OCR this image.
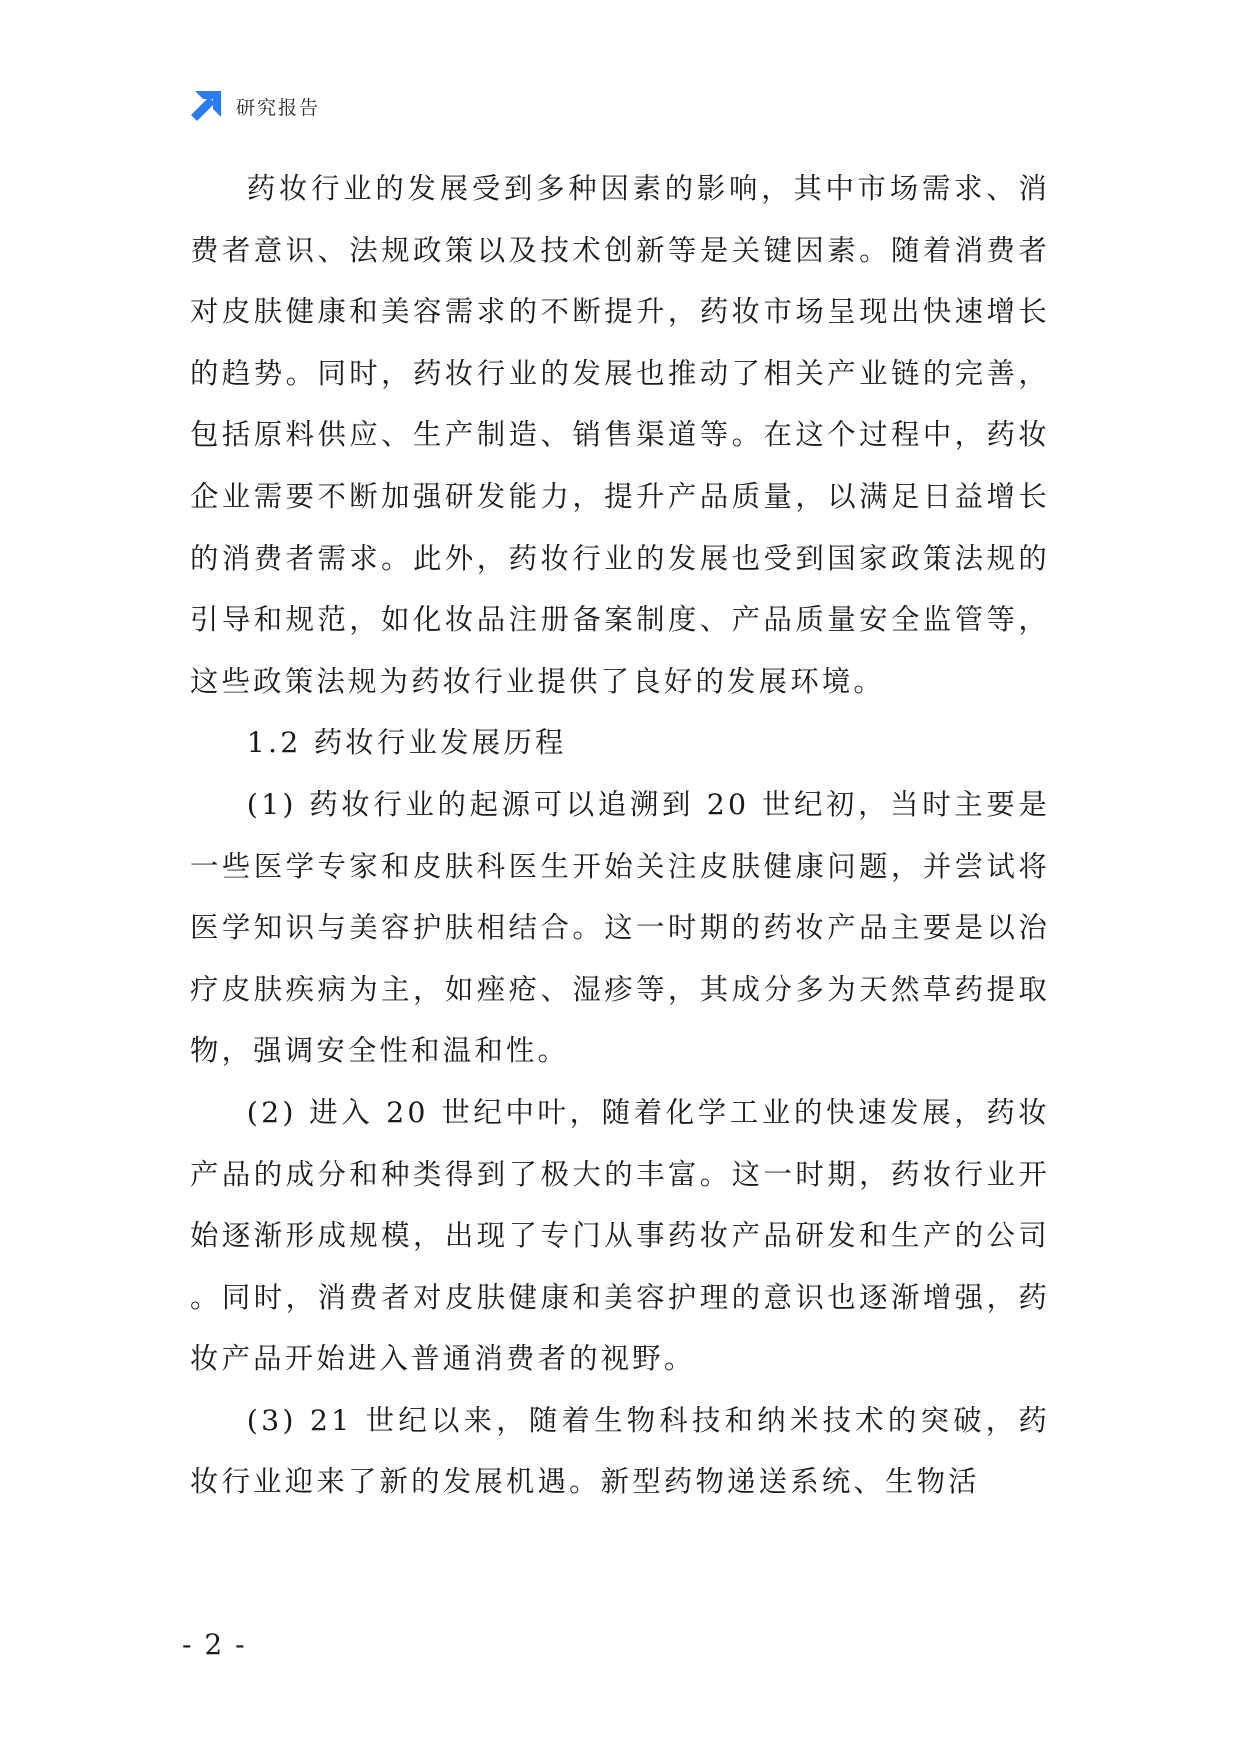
研究报告

药妆行业的发展受到多种因素的影响，其中市场需求、消费者意识、法规政策以及技术创新等是关键因素。随着消费者对皮肤健康和美容需求的不断提升，药妆市场呈现出快速增长的趋势。同时，药妆行业的发展也推动了相关产业链的完善，包括原料供应、生产制造、销售渠道等。在这个过程中，药妆企业需要不断加强研发能力，提升产品质量，以满足日益增长的消费者需求。此外，药妆行业的发展也受到国家政策法规的引导和规范，如化妆品注册备案制度、产品质量安全监管等，这些政策法规为药妆行业提供了良好的发展环境。

1.2 药妆行业发展历程

(1) 药妆行业的起源可以追溯到 20 世纪初，当时主要是一些医学专家和皮肤科医生开始关注皮肤健康问题，并尝试将医学知识与美容护肤相结合。这一时期的药妆产品主要是以治疗皮肤疾病为主，如痤疮、湿疹等，其成分多为天然草药提取物，强调安全性和温和性。

(2) 进入 20 世纪中叶，随着化学工业的快速发展，药妆产品的成分和种类得到了极大的丰富。这一时期，药妆行业开始逐渐形成规模，出现了专门从事药妆产品研发和生产的公司。同时，消费者对皮肤健康和美容护理的意识也逐渐增强，药妆产品开始进入普通消费者的视野。

(3) 21 世纪以来，随着生物科技和纳米技术的突破，药妆行业迎来了新的发展机遇。新型药物递送系统、生物活

- 2 -
